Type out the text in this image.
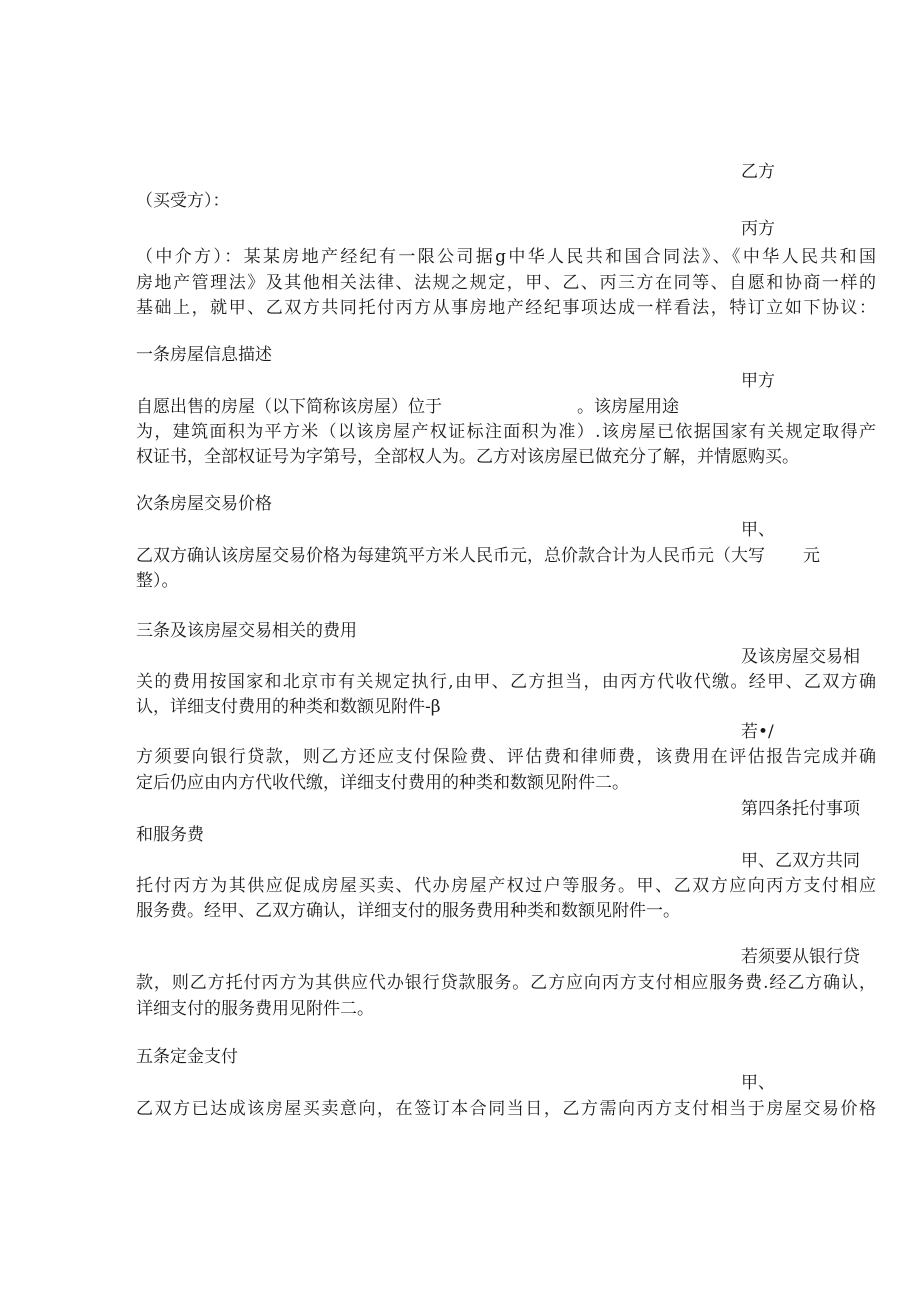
乙方
（买受方）：
丙方
（中介方）：某某房地产经纪有一限公司据g中华人民共和国合同法》、《中华人民共和国
房地产管理法》及其他相关法律、法规之规定，甲、乙、丙三方在同等、自愿和协商一样的
基础上，就甲、乙双方共同托付丙方从事房地产经纪事项达成一样看法，特订立如下协议：
一条房屋信息描述
甲方
自愿出售的房屋（以下简称该房屋）位于	。该房屋用途
为，建筑面积为平方米（以该房屋产权证标注面积为准）.该房屋已依据国家有关规定取得产
权证书，全部权证号为字第号，全部权人为。乙方对该房屋已做充分了解，并情愿购买。
次条房屋交易价格
甲、
乙双方确认该房屋交易价格为每建筑平方米人民币元，总价款合计为人民币元（大写 元
整）。
三条及该房屋交易相关的费用
及该房屋交易相
关的费用按国家和北京市有关规定执行,由甲、乙方担当，由丙方代收代缴。经甲、乙双方确
认，详细支付费用的种类和数额见附件-β
若•/
方须要向银行贷款，则乙方还应支付保险费、评估费和律师费，该费用在评估报告完成并确
定后仍应由内方代收代缴，详细支付费用的种类和数额见附件二。
第四条托付事项
和服务费
甲、乙双方共同
托付丙方为其供应促成房屋买卖、代办房屋产权过户等服务。甲、乙双方应向丙方支付相应
服务费。经甲、乙双方确认，详细支付的服务费用种类和数额见附件一。
若须要从银行贷
款，则乙方托付丙方为其供应代办银行贷款服务。乙方应向丙方支付相应服务费.经乙方确认，
详细支付的服务费用见附件二。
五条定金支付
甲、
乙双方已达成该房屋买卖意向，在签订本合同当日，乙方需向丙方支付相当于房屋交易价格
